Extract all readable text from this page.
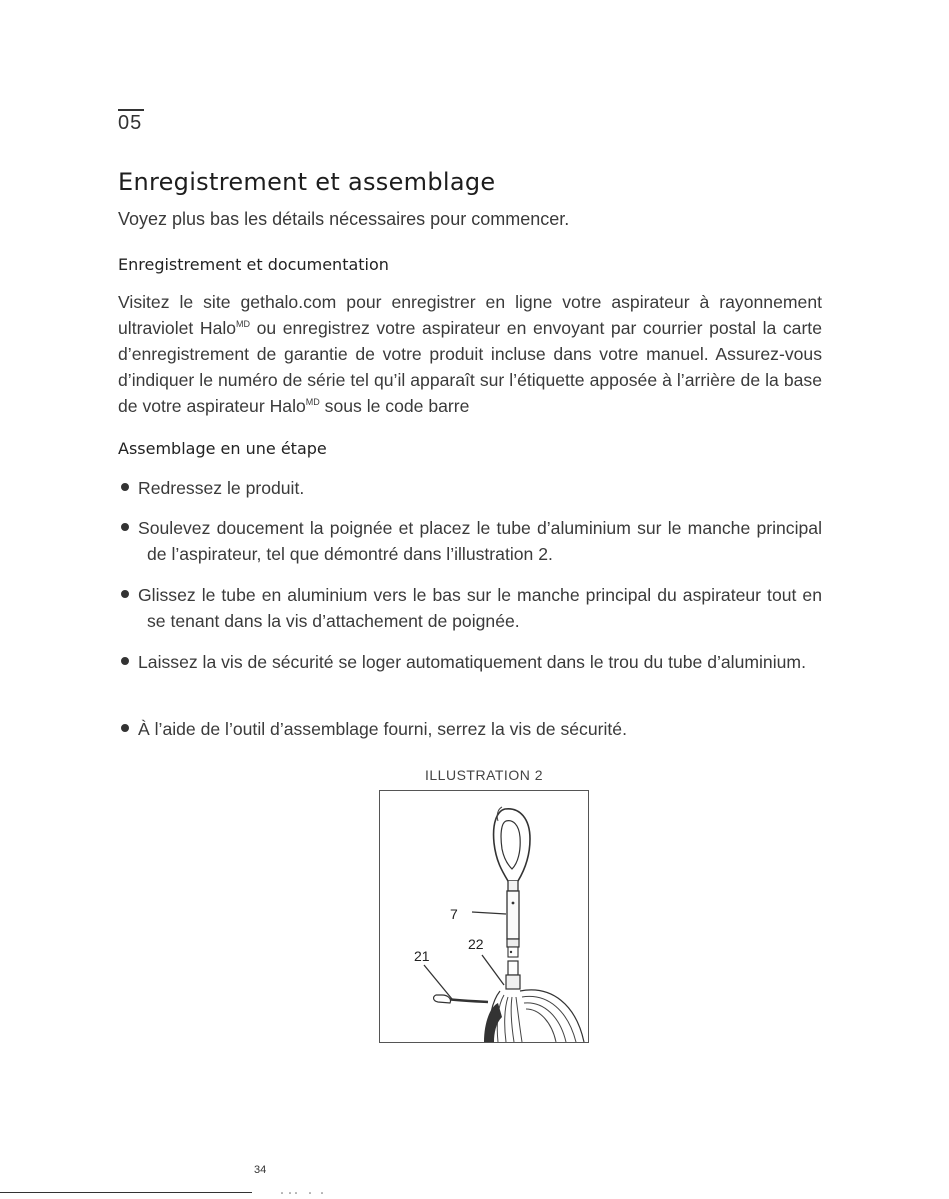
05
Enregistrement et assemblage
Voyez plus bas les détails nécessaires pour commencer.
Enregistrement et documentation
Visitez le site gethalo.com pour enregistrer en ligne votre aspirateur à rayonnement ultraviolet Halo$^{MD}$ ou enregistrez votre aspirateur en envoyant par courrier postal la carte d’enregistrement de garantie de votre produit incluse dans votre manuel. Assurez-vous d’indiquer le numéro de série tel qu’il apparaît sur l’étiquette apposée à l’arrière de la base de votre aspirateur Halo$^{MD}$ sous le code barre
Assemblage en une étape
Redressez le produit.
Soulevez doucement la poignée et placez le tube d’aluminium sur le manche principal de l’aspirateur, tel que démontré dans l’illustration 2.
Glissez le tube en aluminium vers le bas sur le manche principal du aspirateur tout en se tenant dans la vis d’attachement de poignée.
Laissez la vis de sécurité se loger automatiquement dans le trou du tube d’aluminium.
À l’aide de l’outil d’assemblage fourni, serrez la vis de sécurité.
ILLUSTRATION 2
7
21
22
34
